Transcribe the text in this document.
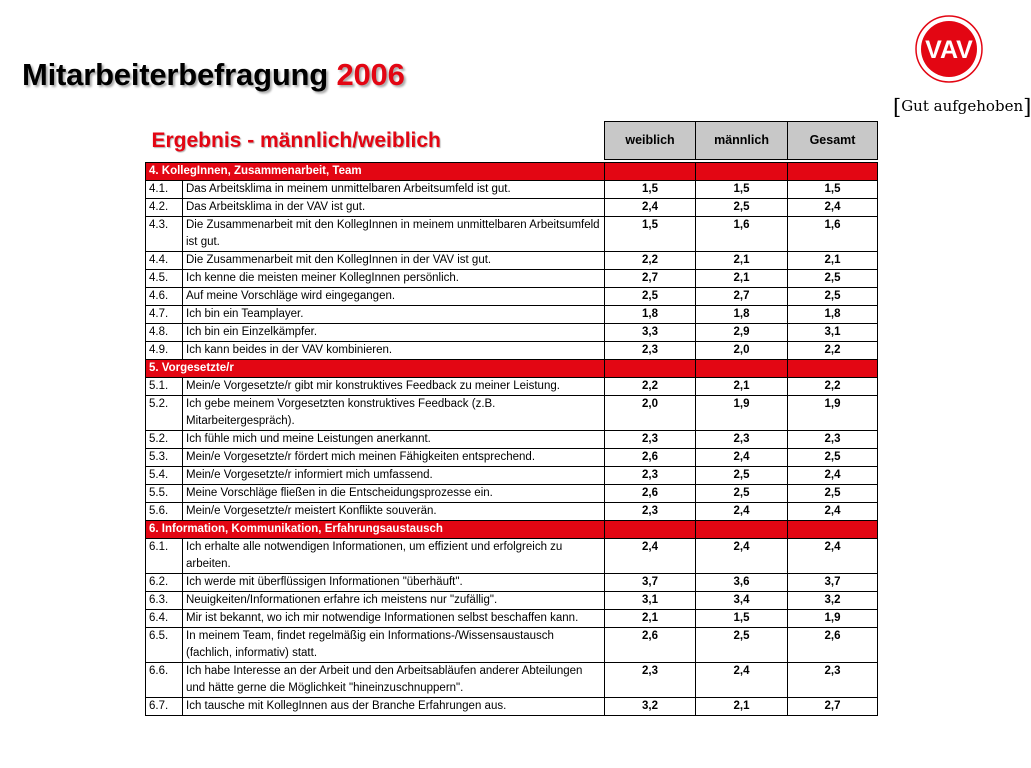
Mitarbeiterbefragung 2006
VAV
[Gut aufgehoben]
Ergebnis - männlich/weiblich		weiblich	männlich	Gesamt

4. KollegInnen, Zusammenarbeit, Team				
4.1.	Das Arbeitsklima in meinem unmittelbaren Arbeitsumfeld ist gut.	1,5	1,5	1,5
4.2.	Das Arbeitsklima in der VAV ist gut.	2,4	2,5	2,4
4.3.	Die Zusammenarbeit mit den KollegInnen in meinem unmittelbaren Arbeitsumfeld ist gut.	1,5	1,6	1,6
4.4.	Die Zusammenarbeit mit den KollegInnen in der VAV ist gut.	2,2	2,1	2,1
4.5.	Ich kenne die meisten meiner KollegInnen persönlich.	2,7	2,1	2,5
4.6.	Auf meine Vorschläge wird eingegangen.	2,5	2,7	2,5
4.7.	Ich bin ein Teamplayer.	1,8	1,8	1,8
4.8.	Ich bin ein Einzelkämpfer.	3,3	2,9	3,1
4.9.	Ich kann beides in der VAV kombinieren.	2,3	2,0	2,2
5. Vorgesetzte/r				
5.1.	Mein/e Vorgesetzte/r gibt mir konstruktives Feedback zu meiner Leistung.	2,2	2,1	2,2
5.2.	Ich gebe meinem Vorgesetzten konstruktives Feedback (z.B. Mitarbeitergespräch).	2,0	1,9	1,9
5.2.	Ich fühle mich und meine Leistungen anerkannt.	2,3	2,3	2,3
5.3.	Mein/e Vorgesetzte/r fördert mich meinen Fähigkeiten entsprechend.	2,6	2,4	2,5
5.4.	Mein/e Vorgesetzte/r informiert mich umfassend.	2,3	2,5	2,4
5.5.	Meine Vorschläge fließen in die Entscheidungsprozesse ein.	2,6	2,5	2,5
5.6.	Mein/e Vorgesetzte/r meistert Konflikte souverän.	2,3	2,4	2,4
6. Information, Kommunikation, Erfahrungsaustausch				
6.1.	Ich erhalte alle notwendigen Informationen, um effizient und erfolgreich zu arbeiten.	2,4	2,4	2,4
6.2.	Ich werde mit überflüssigen Informationen "überhäuft".	3,7	3,6	3,7
6.3.	Neuigkeiten/Informationen erfahre ich meistens nur "zufällig".	3,1	3,4	3,2
6.4.	Mir ist bekannt, wo ich mir notwendige Informationen selbst beschaffen kann.	2,1	1,5	1,9
6.5.	In meinem Team, findet regelmäßig ein Informations-/Wissensaustausch (fachlich, informativ) statt.	2,6	2,5	2,6
6.6.	Ich habe Interesse an der Arbeit und den Arbeitsabläufen anderer Abteilungen und hätte gerne die Möglichkeit "hineinzuschnuppern".	2,3	2,4	2,3
6.7.	Ich tausche mit KollegInnen aus der Branche Erfahrungen aus.	3,2	2,1	2,7
